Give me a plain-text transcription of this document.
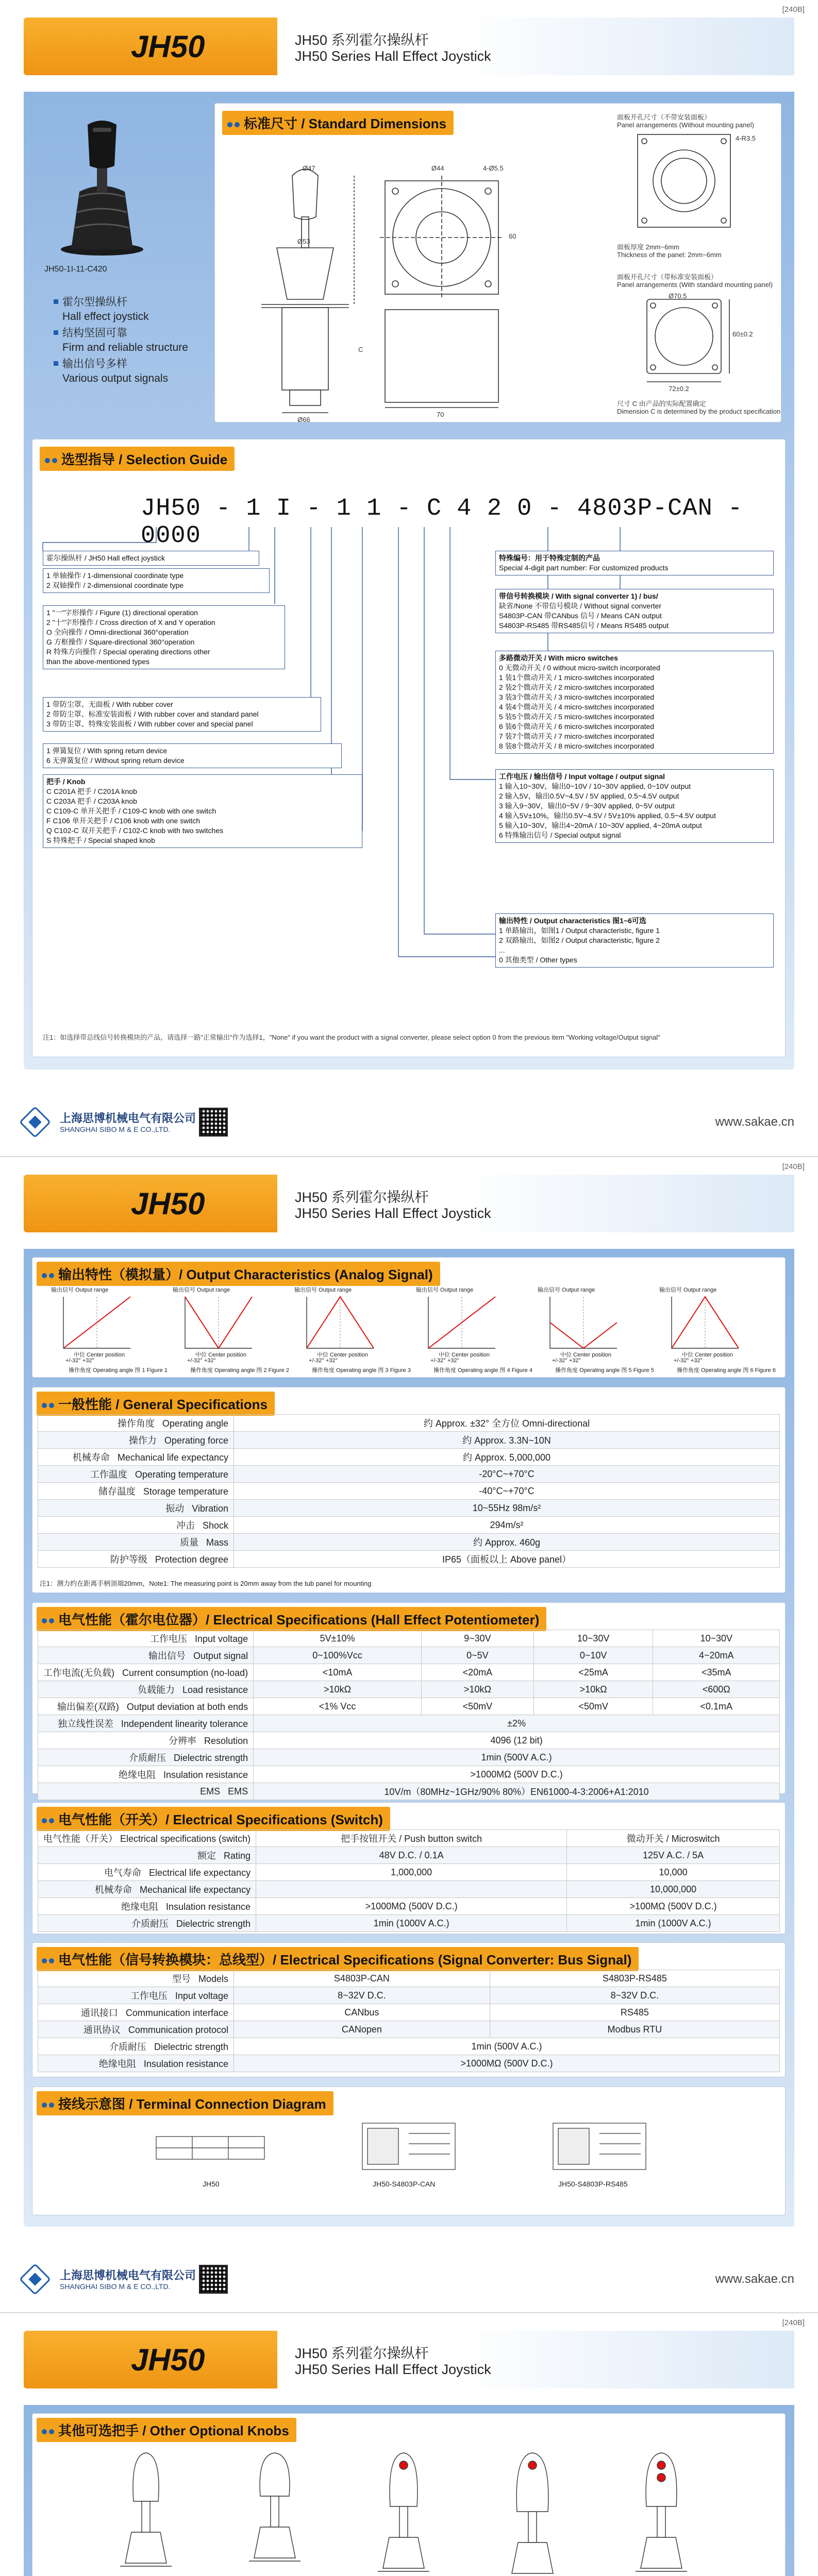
[240B]
JH50	JH50 系列霍尔操纵杆
JH50 Series Hall Effect Joystick
JH50-1I-11-C420
霍尔型操纵杆
Hall effect joystick
结构坚固可靠
Firm and reliable structure
输出信号多样
Various output signals
标准尺寸 / Standard Dimensions	面板开孔尺寸（不带安装面板）
Panel arrangements (Without mounting panel)
面板厚度 2mm~6mm
Thickness of the panel: 2mm~6mm
面板开孔尺寸（带标准安装面板）
Panel arrangements (With standard mounting panel)
尺寸 C 由产品的实际配置确定
Dimension C is determined by the product specification
Ø44	4-Ø5.5
Ø47
Ø53
60
Ø66
70
C
4-R3.5
72±0.2
60±0.2
Ø70.5
选型指导 / Selection Guide
JH50 - 1 I - 1 1 - C 4 2 0 - 4803P-CAN - 0000
霍尔操纵杆 / JH50 Hall effect joystick
1 单轴操作 / 1-dimensional coordinate type
2 双轴操作 / 2-dimensional coordinate type
1 "一"字形操作 / Figure (1) directional operation
2 "十"字形操作 / Cross direction of X and Y operation
O 全向操作 / Omni-directional 360°operation
G 方框操作 / Square-directional 360°operation
R 特殊方向操作 / Special operating directions other
than the above-mentioned types
1 带防尘罩、无面板 / With rubber cover
2 带防尘罩、标准安装面板 / With rubber cover and standard panel
3 带防尘罩、特殊安装面板 / With rubber cover and special panel
1 弹簧复位 / With spring return device
6 无弹簧复位 / Without spring return device
把手 / Knob
C C201A 把手 / C201A knob
C C203A 把手 / C203A knob
C C109-C 单开关把手 / C109-C knob with one switch
F C106 单开关把手 / C106 knob with one switch
Q C102-C 双开关把手 / C102-C knob with two switches
S 特殊把手 / Special shaped knob
特殊编号：用于特殊定制的产品
Special 4-digit part number: For customized products
带信号转换模块 / With signal converter 1) / bus/
缺省/None 不带信号模块 / Without signal converter
S4803P-CAN 带CANbus 信号 / Means CAN output
S4803P-RS485 带RS485信号 / Means RS485 output
多路微动开关 / With micro switches
0 无微动开关 / 0 without micro-switch incorporated
1 装1个微动开关 / 1 micro-switches incorporated
2 装2个微动开关 / 2 micro-switches incorporated
3 装3个微动开关 / 3 micro-switches incorporated
4 装4个微动开关 / 4 micro-switches incorporated
5 装5个微动开关 / 5 micro-switches incorporated
6 装6个微动开关 / 6 micro-switches incorporated
7 装7个微动开关 / 7 micro-switches incorporated
8 装8个微动开关 / 8 micro-switches incorporated
工作电压 / 输出信号 / Input voltage / output signal
1 输入10~30V，输出0~10V / 10~30V applied, 0~10V output
2 输入5V，输出0.5V~4.5V / 5V applied, 0.5~4.5V output
3 输入9~30V，输出0~5V / 9~30V applied, 0~5V output
4 输入5V±10%，输出0.5V~4.5V / 5V±10% applied, 0.5~4.5V output
5 输入10~30V，输出4~20mA / 10~30V applied, 4~20mA output
6 特殊输出信号 / Special output signal
输出特性 / Output characteristics 图1~6可选
1 单路输出，如图1 / Output characteristic, figure 1
2 双路输出，如图2 / Output characteristic, figure 2
...
0 其他类型 / Other types
注1：如选择带总线信号转换模块的产品，请选择一路"正常输出"作为选择1，"None" if you want the product with a signal converter, please select option 0 from the previous item "Working voltage/Output signal"
上海思博机械电气有限公司
SHANGHAI SIBO M & E CO.,LTD.
www.sakae.cn
[240B]
JH50	JH50 系列霍尔操纵杆
JH50 Series Hall Effect Joystick
输出特性（模拟量）/ Output Characteristics (Analog Signal)
输出信号 Output range
中位 Center position
+/-32° +32°
操作角度 Operating angle 图 1 Figure 1
输出信号 Output range
中位 Center position
+/-32° +32°
操作角度 Operating angle 图 2 Figure 2
输出信号 Output range
中位 Center position
+/-32° +32°
操作角度 Operating angle 图 3 Figure 3
输出信号 Output range
中位 Center position
+/-32° +32°
操作角度 Operating angle 图 4 Figure 4
输出信号 Output range
中位 Center position
+/-32° +32°
操作角度 Operating angle 图 5 Figure 5
输出信号 Output range
中位 Center position
+/-32° +32°
操作角度 Operating angle 图 6 Figure 6
一般性能 / General Specifications
操作角度   Operating angle	约 Approx. ±32° 全方位 Omni-directional
操作力   Operating force	约 Approx. 3.3N~10N
机械寿命   Mechanical life expectancy	约 Approx. 5,000,000
工作温度   Operating temperature	-20°C~+70°C
储存温度   Storage temperature	-40°C~+70°C
振动   Vibration	10~55Hz 98m/s²
冲击   Shock	294m/s²
质量   Mass	约 Approx. 460g
防护等级   Protection degree	IP65（面板以上 Above panel）
注1：测力约在距离手柄顶端20mm，Note1: The measuring point is 20mm away from the tub panel for mounting
电气性能（霍尔电位器）/ Electrical Specifications (Hall Effect Potentiometer)
工作电压   Input voltage	5V±10%	9~30V	10~30V	10~30V
输出信号   Output signal	0~100%Vcc	0~5V	0~10V	4~20mA
工作电流(无负载)   Current consumption (no-load)	<10mA	<20mA	<25mA	<35mA
负载能力   Load resistance	>10kΩ	>10kΩ	>10kΩ	<600Ω
输出偏差(双路)   Output deviation at both ends	<1% Vcc	<50mV	<50mV	<0.1mA
独立线性误差   Independent linearity tolerance	±2%			
分辨率   Resolution	4096 (12 bit)			
介质耐压   Dielectric strength	1min (500V A.C.)			
绝缘电阻   Insulation resistance	>1000MΩ (500V D.C.)			
EMS   EMS	10V/m（80MHz~1GHz/90% 80%）EN61000-4-3:2006+A1:2010			
电气性能（开关）/ Electrical Specifications (Switch)
电气性能（开关） Electrical specifications (switch)	把手按钮开关 / Push button switch	微动开关 / Microswitch
额定   Rating	48V D.C. / 0.1A	125V A.C. / 5A
电气寿命   Electrical life expectancy	1,000,000	10,000
机械寿命   Mechanical life expectancy		10,000,000
绝缘电阻   Insulation resistance	>1000MΩ (500V D.C.)	>100MΩ (500V D.C.)
介质耐压   Dielectric strength	1min (1000V A.C.)	1min (1000V A.C.)
电气性能（信号转换模块：总线型）/ Electrical Specifications (Signal Converter: Bus Signal)
型号   Models	S4803P-CAN	S4803P-RS485
工作电压   Input voltage	8~32V D.C.	8~32V D.C.
通讯接口   Communication interface	CANbus	RS485
通讯协议   Communication protocol	CANopen	Modbus RTU
介质耐压   Dielectric strength	1min (500V A.C.)	
绝缘电阻   Insulation resistance	>1000MΩ (500V D.C.)	
接线示意图 / Terminal Connection Diagram
JH50	JH50-S4803P-CAN	JH50-S4803P-RS485
上海思博机械电气有限公司
SHANGHAI SIBO M & E CO.,LTD.
www.sakae.cn
[240B]
JH50	JH50 系列霍尔操纵杆
JH50 Series Hall Effect Joystick
其他可选把手 / Other Optional Knobs
